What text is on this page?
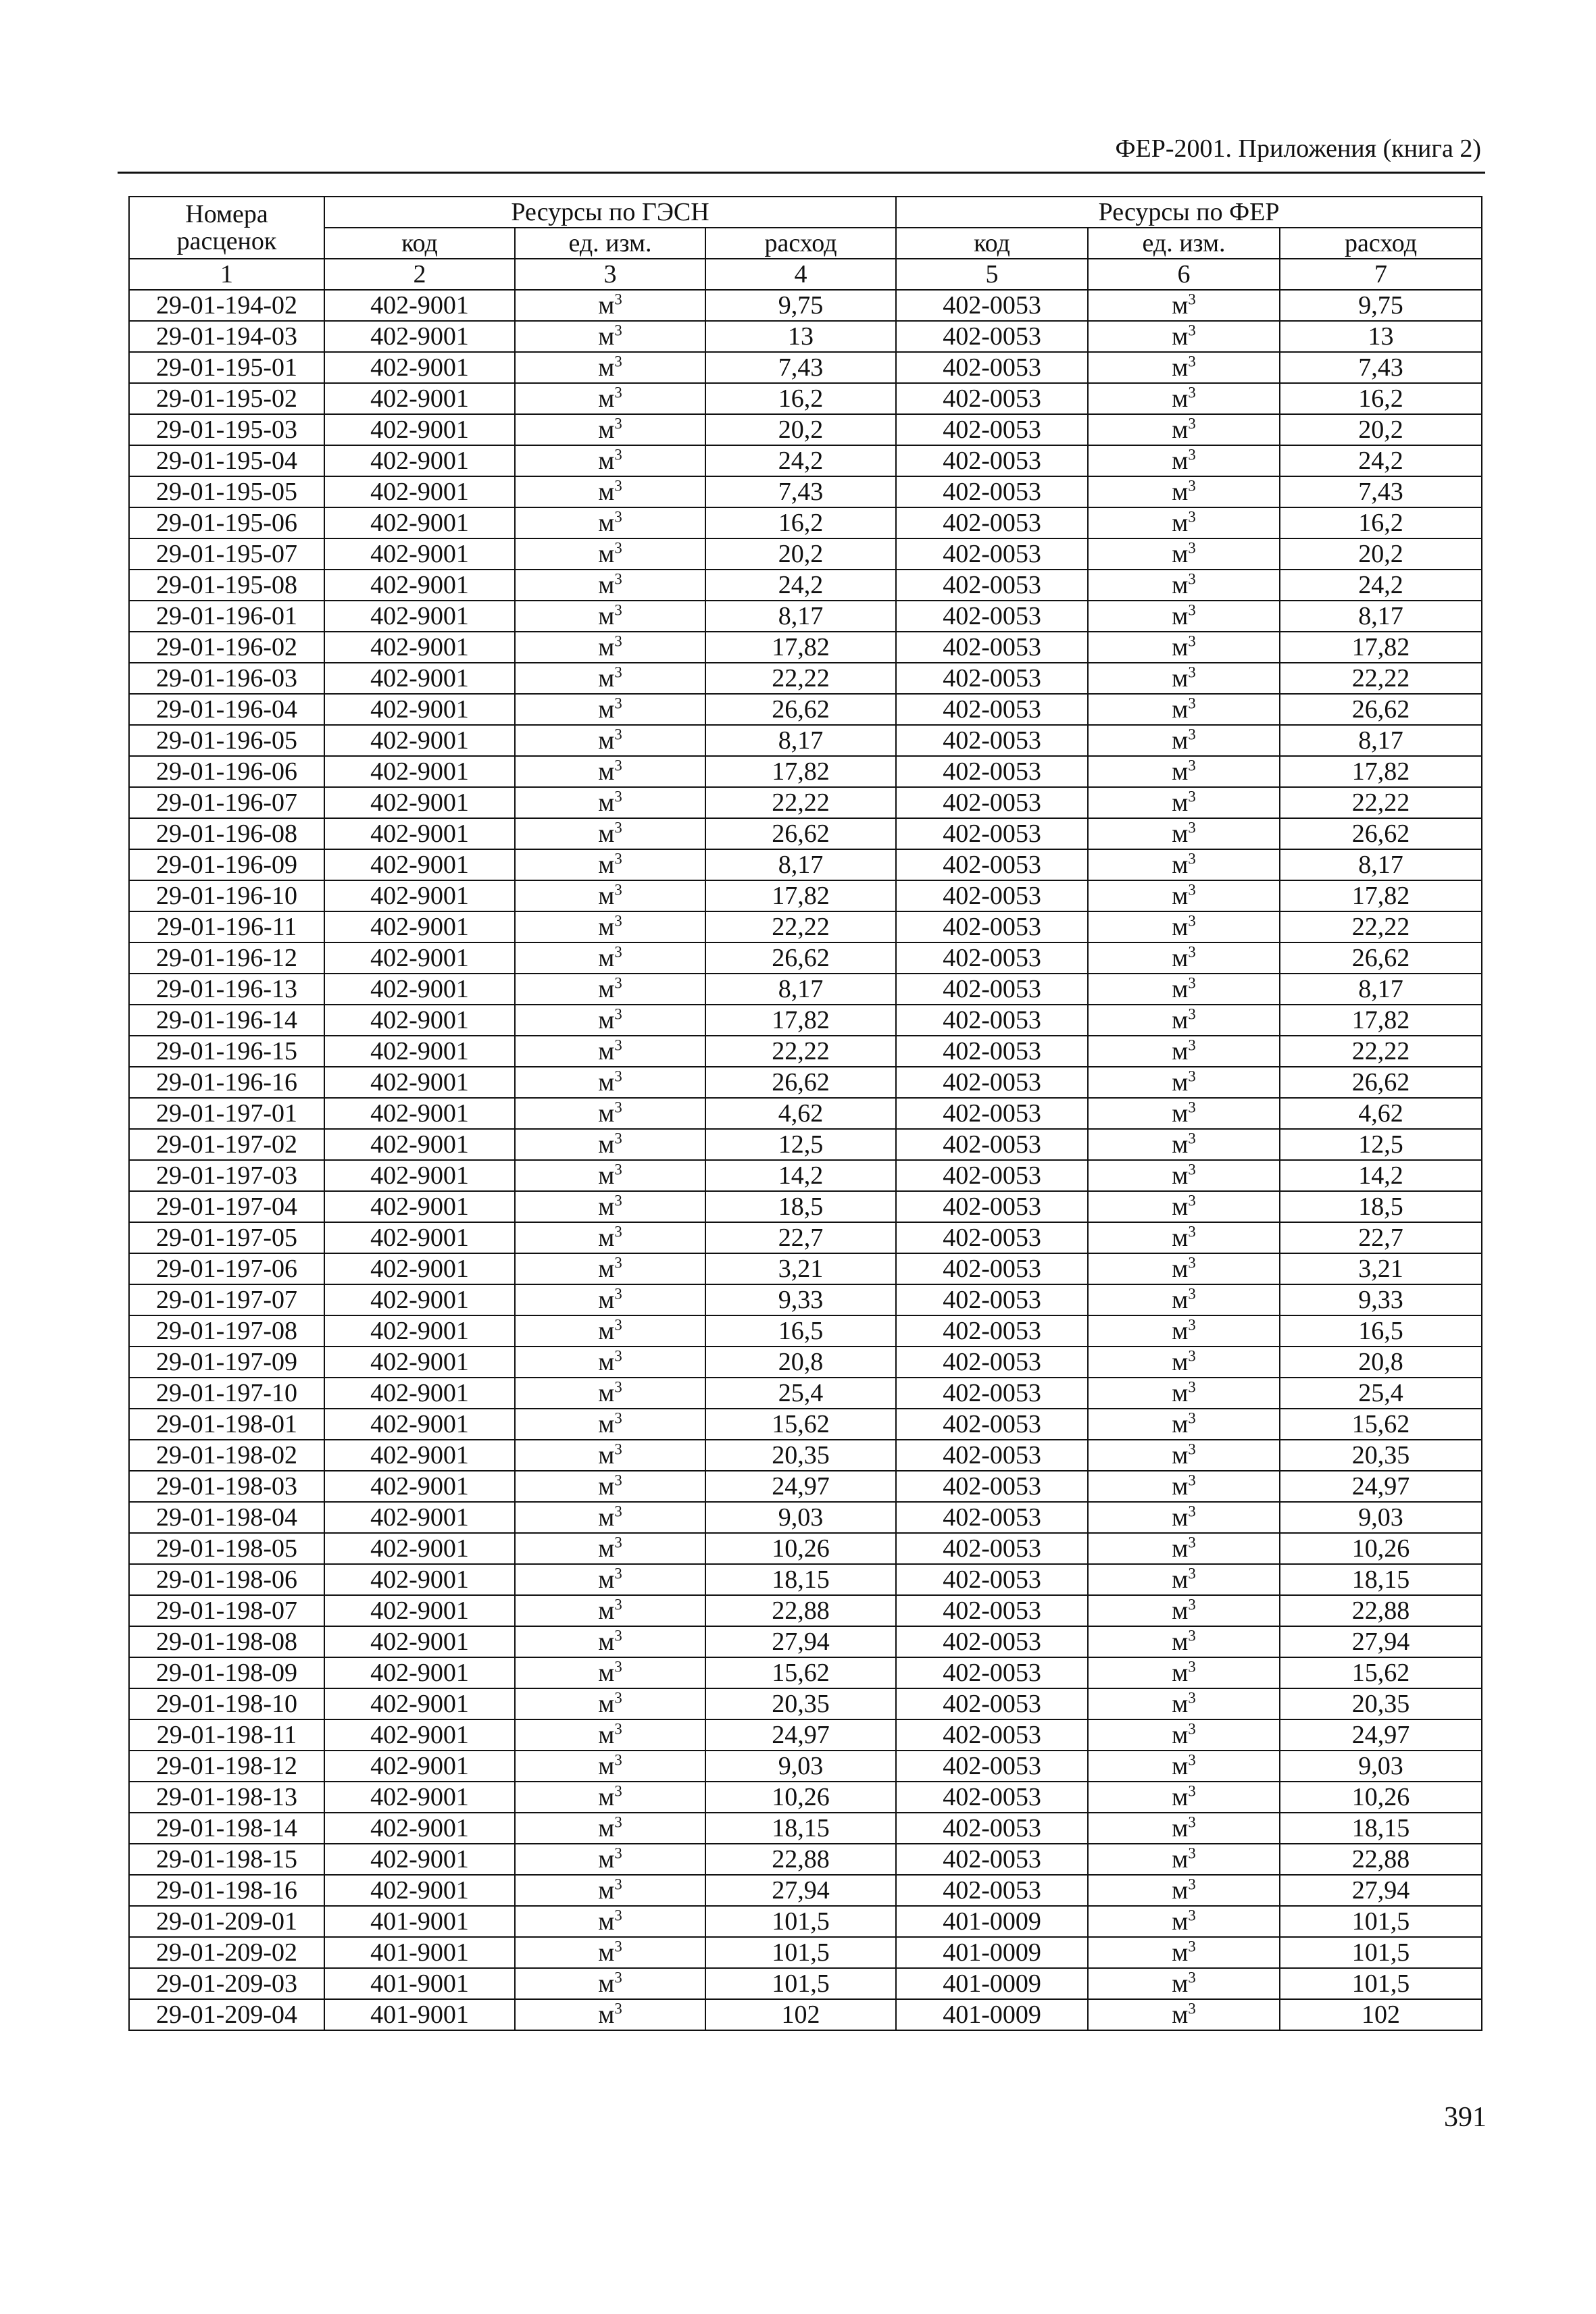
ФЕР-2001. Приложения (книга 2)
Номера
расценок	Ресурсы по ГЭСН			Ресурсы по ФЕР		
	код	ед. изм.	расход	код	ед. изм.	расход
1	2	3	4	5	6	7
29-01-194-02	402-9001	$м^3$	9,75	402-0053	$м^3$	9,75
29-01-194-03	402-9001	$м^3$	13	402-0053	$м^3$	13
29-01-195-01	402-9001	$м^3$	7,43	402-0053	$м^3$	7,43
29-01-195-02	402-9001	$м^3$	16,2	402-0053	$м^3$	16,2
29-01-195-03	402-9001	$м^3$	20,2	402-0053	$м^3$	20,2
29-01-195-04	402-9001	$м^3$	24,2	402-0053	$м^3$	24,2
29-01-195-05	402-9001	$м^3$	7,43	402-0053	$м^3$	7,43
29-01-195-06	402-9001	$м^3$	16,2	402-0053	$м^3$	16,2
29-01-195-07	402-9001	$м^3$	20,2	402-0053	$м^3$	20,2
29-01-195-08	402-9001	$м^3$	24,2	402-0053	$м^3$	24,2
29-01-196-01	402-9001	$м^3$	8,17	402-0053	$м^3$	8,17
29-01-196-02	402-9001	$м^3$	17,82	402-0053	$м^3$	17,82
29-01-196-03	402-9001	$м^3$	22,22	402-0053	$м^3$	22,22
29-01-196-04	402-9001	$м^3$	26,62	402-0053	$м^3$	26,62
29-01-196-05	402-9001	$м^3$	8,17	402-0053	$м^3$	8,17
29-01-196-06	402-9001	$м^3$	17,82	402-0053	$м^3$	17,82
29-01-196-07	402-9001	$м^3$	22,22	402-0053	$м^3$	22,22
29-01-196-08	402-9001	$м^3$	26,62	402-0053	$м^3$	26,62
29-01-196-09	402-9001	$м^3$	8,17	402-0053	$м^3$	8,17
29-01-196-10	402-9001	$м^3$	17,82	402-0053	$м^3$	17,82
29-01-196-11	402-9001	$м^3$	22,22	402-0053	$м^3$	22,22
29-01-196-12	402-9001	$м^3$	26,62	402-0053	$м^3$	26,62
29-01-196-13	402-9001	$м^3$	8,17	402-0053	$м^3$	8,17
29-01-196-14	402-9001	$м^3$	17,82	402-0053	$м^3$	17,82
29-01-196-15	402-9001	$м^3$	22,22	402-0053	$м^3$	22,22
29-01-196-16	402-9001	$м^3$	26,62	402-0053	$м^3$	26,62
29-01-197-01	402-9001	$м^3$	4,62	402-0053	$м^3$	4,62
29-01-197-02	402-9001	$м^3$	12,5	402-0053	$м^3$	12,5
29-01-197-03	402-9001	$м^3$	14,2	402-0053	$м^3$	14,2
29-01-197-04	402-9001	$м^3$	18,5	402-0053	$м^3$	18,5
29-01-197-05	402-9001	$м^3$	22,7	402-0053	$м^3$	22,7
29-01-197-06	402-9001	$м^3$	3,21	402-0053	$м^3$	3,21
29-01-197-07	402-9001	$м^3$	9,33	402-0053	$м^3$	9,33
29-01-197-08	402-9001	$м^3$	16,5	402-0053	$м^3$	16,5
29-01-197-09	402-9001	$м^3$	20,8	402-0053	$м^3$	20,8
29-01-197-10	402-9001	$м^3$	25,4	402-0053	$м^3$	25,4
29-01-198-01	402-9001	$м^3$	15,62	402-0053	$м^3$	15,62
29-01-198-02	402-9001	$м^3$	20,35	402-0053	$м^3$	20,35
29-01-198-03	402-9001	$м^3$	24,97	402-0053	$м^3$	24,97
29-01-198-04	402-9001	$м^3$	9,03	402-0053	$м^3$	9,03
29-01-198-05	402-9001	$м^3$	10,26	402-0053	$м^3$	10,26
29-01-198-06	402-9001	$м^3$	18,15	402-0053	$м^3$	18,15
29-01-198-07	402-9001	$м^3$	22,88	402-0053	$м^3$	22,88
29-01-198-08	402-9001	$м^3$	27,94	402-0053	$м^3$	27,94
29-01-198-09	402-9001	$м^3$	15,62	402-0053	$м^3$	15,62
29-01-198-10	402-9001	$м^3$	20,35	402-0053	$м^3$	20,35
29-01-198-11	402-9001	$м^3$	24,97	402-0053	$м^3$	24,97
29-01-198-12	402-9001	$м^3$	9,03	402-0053	$м^3$	9,03
29-01-198-13	402-9001	$м^3$	10,26	402-0053	$м^3$	10,26
29-01-198-14	402-9001	$м^3$	18,15	402-0053	$м^3$	18,15
29-01-198-15	402-9001	$м^3$	22,88	402-0053	$м^3$	22,88
29-01-198-16	402-9001	$м^3$	27,94	402-0053	$м^3$	27,94
29-01-209-01	401-9001	$м^3$	101,5	401-0009	$м^3$	101,5
29-01-209-02	401-9001	$м^3$	101,5	401-0009	$м^3$	101,5
29-01-209-03	401-9001	$м^3$	101,5	401-0009	$м^3$	101,5
29-01-209-04	401-9001	$м^3$	102	401-0009	$м^3$	102
391
